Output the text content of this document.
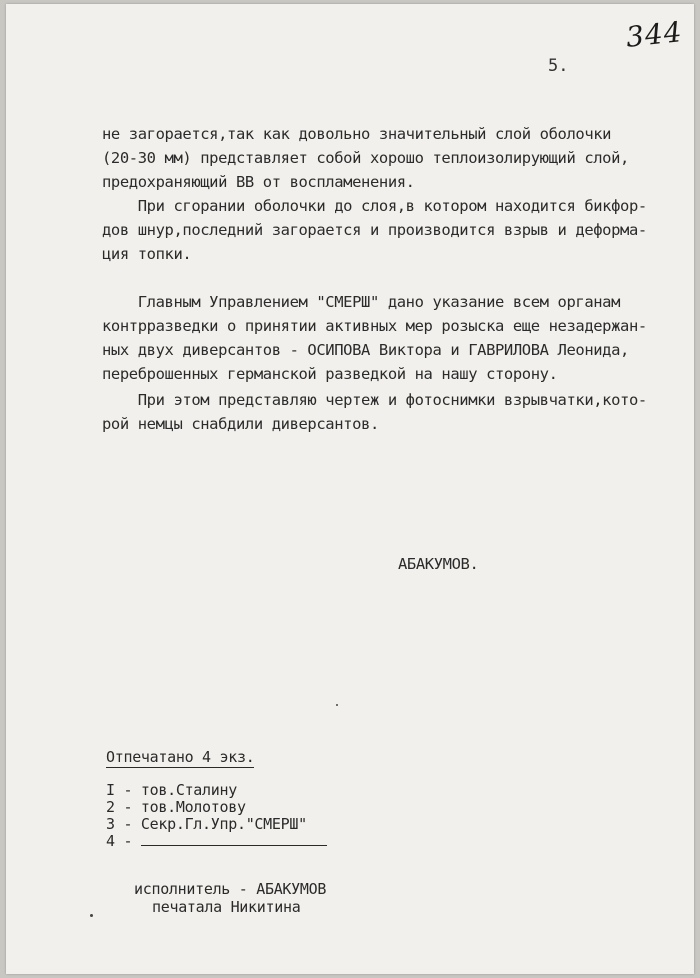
344
5.
не загорается,так как довольно значительный слой оболочки
(20-30 мм) представляет собой хорошо теплоизолирующий слой,
предохраняющий ВВ от воспламенения.
При сгорании оболочки до слоя,в котором находится бикфор-
дов шнур,последний загорается и производится взрыв и деформа-
ция топки.
Главным Управлением "СМЕРШ" дано указание всем органам
контрразведки о принятии активных мер розыска еще незадержан-
ных двух диверсантов - ОСИПОВА Виктора и ГАВРИЛОВА Леонида,
переброшенных германской разведкой на нашу сторону.
При этом представляю чертеж и фотоснимки взрывчатки,кото-
рой немцы снабдили диверсантов.
АБАКУМОВ.
Отпечатано 4 экз.
I - тов.Сталину
2 - тов.Молотову
3 - Секр.Гл.Упр."СМЕРШ"
4 -
исполнитель - АБАКУМОВ
печатала Никитина
